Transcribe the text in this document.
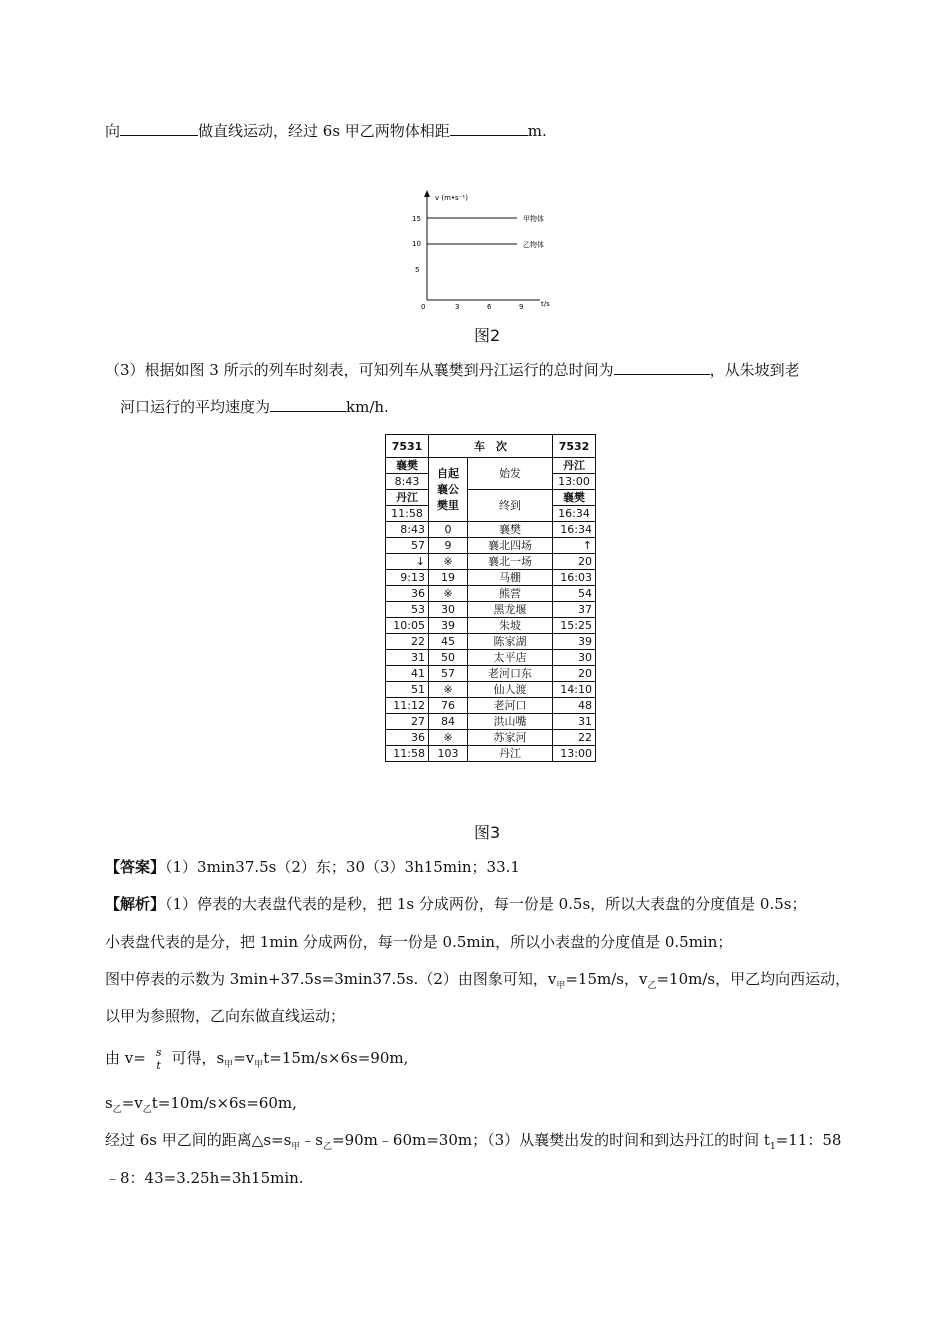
向	做直线运动，经过 6s 甲乙两物体相距	m.
v (m•s⁻¹)
t/s
0	3	6	9
5
10
15	甲物体
乙物体
图2
（3）根据如图 3 所示的列车时刻表，可知列车从襄樊到丹江运行的总时间为	，从朱坡到老
河口运行的平均速度为	km/h.
7531	车　次		7532
襄樊	自起襄公樊里	始发	丹江
8:43			13:00
丹江		终到	襄樊
11:58			16:34
8:43	0	襄樊	16:34
57	9	襄北四场	↑
↓	※	襄北一场	20
9:13	19	马棚	16:03
36	※	熊营	54
53	30	黑龙堰	37
10:05	39	朱坡	15:25
22	45	陈家湖	39
31	50	太平店	30
41	57	老河口东	20
51	※	仙人渡	14:10
11:12	76	老河口	48
27	84	洪山嘴	31
36	※	苏家河	22
11:58	103	丹江	13:00
图3
【答案】（1）3min37.5s（2）东；30（3）3h15min；33.1
【解析】（1）停表的大表盘代表的是秒，把 1s 分成两份，每一份是 0.5s，所以大表盘的分度值是 0.5s；
小表盘代表的是分，把 1min 分成两份，每一份是 0.5min，所以小表盘的分度值是 0.5min；
图中停表的示数为 3min+37.5s=3min37.5s.（2）由图象可知，$v_甲=15m/s$，$v_乙=10m/s$，甲乙均向西运动，
以甲为参照物，乙向东做直线运动；
由 v= s
t 可得，$s_甲=v_甲t=15m/s\times 6s=90m$,
$s_乙=v_乙t=10m/s\times 6s=60m$,
经过 6s 甲乙间的距离$\triangle s=s_甲﹣s_乙=90m﹣60m=30m$；（3）从襄樊出发的时间和到达丹江的时间 $t_1=11$：58
﹣8：43=3.25h=3h15min.
